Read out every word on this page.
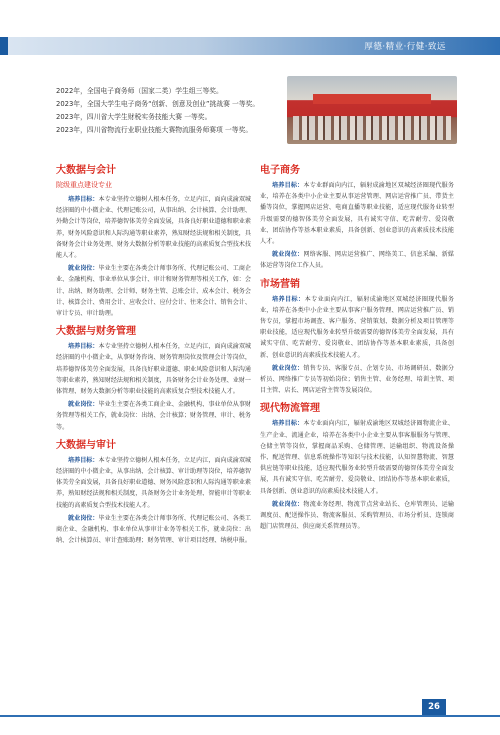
厚德·精业·行健·致远
2022年，全国电子商务师（国家二类）学生组三等奖。
2023年，全国大学生电子商务“创新、创意及创业”挑战赛 一等奖。
2023年，四川省大学生财税实务技能大赛 一等奖。
2023年，四川省物流行业职业技能大赛物流服务师赛项 一等奖。
大数据与会计
院级重点建设专业

培养目标：本专业坚持立德树人根本任务，立足内江，面向成渝双城经济圈的中小微企业、代理记账公司，从事出纳、会计核算、会计助理、外勤会计等岗位，培养德智体美劳全面发展，具备良好职业道德和职业素养，财务风险意识和人际沟通等职业素养，熟知财经法规和相关制度，具备财务会计业务处理、财务大数据分析等职业技能的高素质复合型技术技能人才。

就业岗位：毕业生主要在各类会计师事务所、代理记账公司、工商企业、金融机构、事业单位从事会计、审计和财务管理等相关工作，如：会计、出纳、财务助理、会计师、财务主管、总账会计、成本会计、税务会计、核算会计、费用会计、应收会计、应付会计、往来会计、销售会计、审计专员、审计助理。

大数据与财务管理

培养目标：本专业坚持立德树人根本任务，立足内江，面向成渝双城经济圈的中小微企业，从事财务咨询、财务管理岗位及管理会计等岗位，培养德智体美劳全面发展，具备良好职业道德、职业风险意识和人际沟通等职业素养，熟知财经法规和相关制度，具备财务会计业务处理、业财一体管理、财务大数据分析等职业技能的高素质复合型技术技能人才。

就业岗位：毕业生主要在各类工商企业、金融机构、事业单位从事财务管理等相关工作，就业岗位：出纳、会计核算；财务管理、审计、税务等。

大数据与审计

培养目标：本专业坚持立德树人根本任务，立足内江，面向成渝双城经济圈的中小微企业，从事出纳、会计核算、审计助理等岗位，培养德智体美劳全面发展，具备良好职业道德、财务风险意识和人际沟通等职业素养，熟知财经法规和相关制度，具备财务会计业务处理、智能审计等职业技能的高素质复合型技术技能人才。

就业岗位：毕业生主要在各类会计师事务所、代理记账公司、各类工商企业、金融机构、事业单位从事审计业务等相关工作，就业岗位：出纳、会计核算员、审计查账助理；财务管理、审计项目经理、纳税申报。

电子商务

培养目标：本专业群面向内江，辐射成渝地区双城经济圈现代服务业，培养在各类中小企业主要从事运营管理、网店运营推广员、带货主播等岗位，掌握网店运营、电商直播等职业技能，适应现代服务业转型升级需要的德智体美劳全面发展，具有诚实守信、吃苦耐劳、爱岗敬业、团结协作等基本职业素质，具备创新、创业意识的高素质技术技能人才。

就业岗位：网络客服、网店运营推广、网络美工、信息采编、新媒体运营等岗位工作人员。

市场营销

培养目标：本专业面向内江，辐射成渝地区双城经济圈现代服务业，培养在各类中小企业主要从事客户服务管理、网店运营推广员、销售专员，掌握市场调查、客户服务、营销策划、数据分析及项目管理等职业技能，适应现代服务业转型升级需要的德智体美劳全面发展，具有诚实守信、吃苦耐劳、爱岗敬业、团结协作等基本职业素质，具备创新、创业意识的高素质技术技能人才。

就业岗位：销售专员、客服专员、企划专员、市场调研员、数据分析员、网络推广专员等初始岗位；销售主管、业务经理、培训主管、项目主管、店长、网店运营主管等发展岗位。

现代物流管理

培养目标：本专业面向内江，辐射成渝地区双城经济圈物流企业、生产企业、流通企业，培养在各类中小企业主要从事客服服务与管理、仓储主管等岗位，掌握商品采购、仓储管理、运输组织、物流设备操作、配送管理、信息系统操作等知识与技术技能，认知智慧物流、智慧供应链等职业技能，适应现代服务业转型升级需要的德智体美劳全面发展，具有诚实守信、吃苦耐劳、爱岗敬业、团结协作等基本职业素质，具备创新、创业意识的高素质技术技能人才。

就业岗位：物流业务经理、物流节点营业站长、仓库管理员、运输调度员、配送操作员、物流客服员、采购管理员、市场分析员、连锁商超门店管理员、供应商关系管理员等。

26
